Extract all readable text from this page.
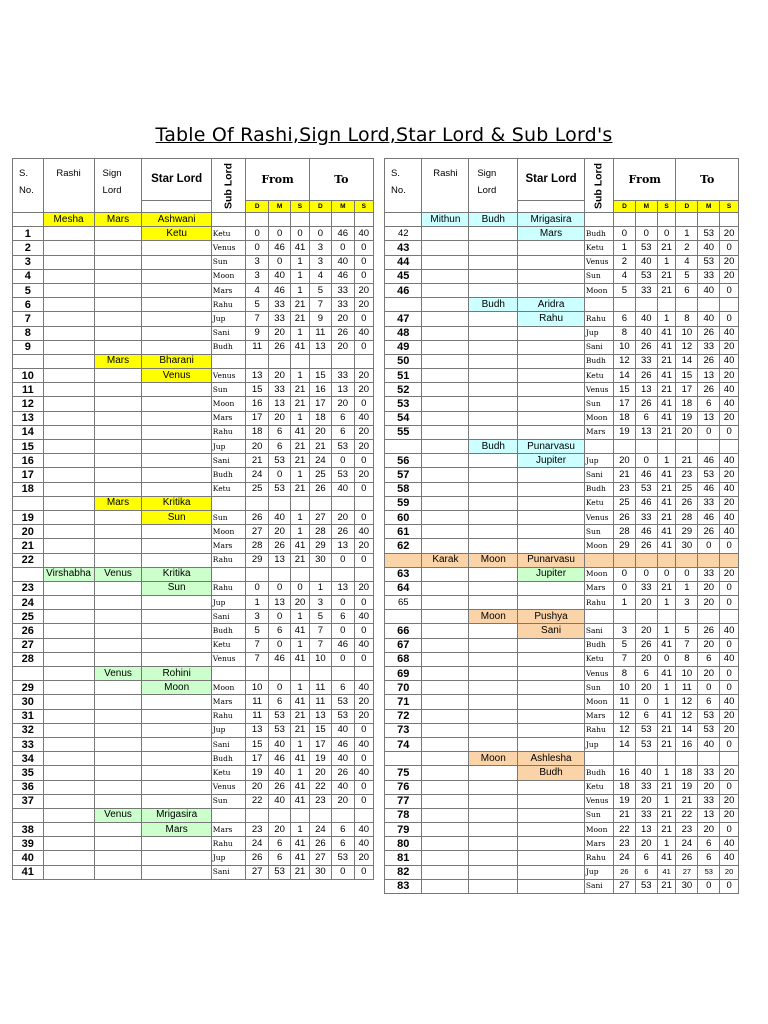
Table Of Rashi,Sign Lord,Star Lord & Sub Lord's
S.
No.	Rashi	Sign
Lord	Star Lord	Sub Lord	From			To		
					D	M	S	D	M	S
	Mesha	Mars	Ashwani							
1			Ketu	Ketu	0	0	0	0	46	40
2				Venus	0	46	41	3	0	0
3				Sun	3	0	1	3	40	0
4				Moon	3	40	1	4	46	0
5				Mars	4	46	1	5	33	20
6				Rahu	5	33	21	7	33	20
7				Jup	7	33	21	9	20	0
8				Sani	9	20	1	11	26	40
9				Budh	11	26	41	13	20	0
		Mars	Bharani							
10			Venus	Venus	13	20	1	15	33	20
11				Sun	15	33	21	16	13	20
12				Moon	16	13	21	17	20	0
13				Mars	17	20	1	18	6	40
14				Rahu	18	6	41	20	6	20
15				Jup	20	6	21	21	53	20
16				Sani	21	53	21	24	0	0
17				Budh	24	0	1	25	53	20
18				Ketu	25	53	21	26	40	0
		Mars	Kritika							
19			Sun	Sun	26	40	1	27	20	0
20				Moon	27	20	1	28	26	40
21				Mars	28	26	41	29	13	20
22				Rahu	29	13	21	30	0	0
	Virshabha	Venus	Kritika							
23			Sun	Rahu	0	0	0	1	13	20
24				Jup	1	13	20	3	0	0
25				Sani	3	0	1	5	6	40
26				Budh	5	6	41	7	0	0
27				Ketu	7	0	1	7	46	40
28				Venus	7	46	41	10	0	0
		Venus	Rohini							
29			Moon	Moon	10	0	1	11	6	40
30				Mars	11	6	41	11	53	20
31				Rahu	11	53	21	13	53	20
32				Jup	13	53	21	15	40	0
33				Sani	15	40	1	17	46	40
34				Budh	17	46	41	19	40	0
35				Ketu	19	40	1	20	26	40
36				Venus	20	26	41	22	40	0
37				Sun	22	40	41	23	20	0
		Venus	Mrigasira							
38			Mars	Mars	23	20	1	24	6	40
39				Rahu	24	6	41	26	6	40
40				Jup	26	6	41	27	53	20
41				Sani	27	53	21	30	0	0
S.
No.	Rashi	Sign
Lord	Star Lord	Sub Lord	From			To		
					D	M	S	D	M	S
	Mithun	Budh	Mrigasira							
42			Mars	Budh	0	0	0	1	53	20
43				Ketu	1	53	21	2	40	0
44				Venus	2	40	1	4	53	20
45				Sun	4	53	21	5	33	20
46				Moon	5	33	21	6	40	0
		Budh	Aridra							
47			Rahu	Rahu	6	40	1	8	40	0
48				Jup	8	40	41	10	26	40
49				Sani	10	26	41	12	33	20
50				Budh	12	33	21	14	26	40
51				Ketu	14	26	41	15	13	20
52				Venus	15	13	21	17	26	40
53				Sun	17	26	41	18	6	40
54				Moon	18	6	41	19	13	20
55				Mars	19	13	21	20	0	0
		Budh	Punarvasu							
56			Jupiter	Jup	20	0	1	21	46	40
57				Sani	21	46	41	23	53	20
58				Budh	23	53	21	25	46	40
59				Ketu	25	46	41	26	33	20
60				Venus	26	33	21	28	46	40
61				Sun	28	46	41	29	26	40
62				Moon	29	26	41	30	0	0
	Karak	Moon	Punarvasu							
63			Jupiter	Moon	0	0	0	0	33	20
64				Mars	0	33	21	1	20	0
65				Rahu	1	20	1	3	20	0
		Moon	Pushya							
66			Sani	Sani	3	20	1	5	26	40
67				Budh	5	26	41	7	20	0
68				Ketu	7	20	0	8	6	40
69				Venus	8	6	41	10	20	0
70				Sun	10	20	1	11	0	0
71				Moon	11	0	1	12	6	40
72				Mars	12	6	41	12	53	20
73				Rahu	12	53	21	14	53	20
74				Jup	14	53	21	16	40	0
		Moon	Ashlesha							
75			Budh	Budh	16	40	1	18	33	20
76				Ketu	18	33	21	19	20	0
77				Venus	19	20	1	21	33	20
78				Sun	21	33	21	22	13	20
79				Moon	22	13	21	23	20	0
80				Mars	23	20	1	24	6	40
81				Rahu	24	6	41	26	6	40
82				Jup	26	6	41	27	53	20
83				Sani	27	53	21	30	0	0
